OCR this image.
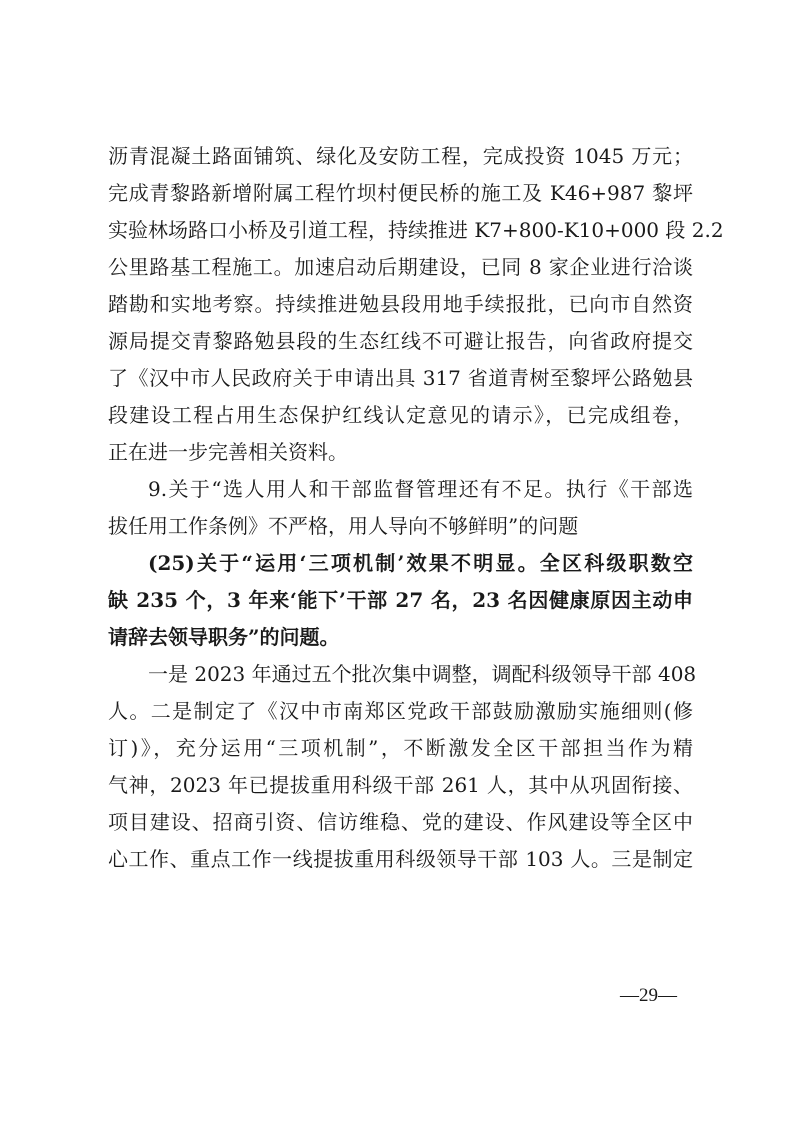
沥青混凝土路面铺筑、绿化及安防工程，完成投资 1045 万元；
完成青黎路新增附属工程竹坝村便民桥的施工及 K46+987 黎坪
实验林场路口小桥及引道工程，持续推进 K7+800-K10+000 段 2.2
公里路基工程施工。加速启动后期建设，已同 8 家企业进行洽谈
踏勘和实地考察。持续推进勉县段用地手续报批，已向市自然资
源局提交青黎路勉县段的生态红线不可避让报告，向省政府提交
了《汉中市人民政府关于申请出具 317 省道青树至黎坪公路勉县
段建设工程占用生态保护红线认定意见的请示》，已完成组卷，
正在进一步完善相关资料。
9.关于“选人用人和干部监督管理还有不足。执行《干部选
拔任用工作条例》不严格，用人导向不够鲜明”的问题
(25)关于“运用‘三项机制’效果不明显。全区科级职数空
缺 235 个，3 年来‘能下’干部 27 名，23 名因健康原因主动申
请辞去领导职务”的问题。
一是 2023 年通过五个批次集中调整，调配科级领导干部 408
人。二是制定了《汉中市南郑区党政干部鼓励激励实施细则(修
订)》，充分运用“三项机制”，不断激发全区干部担当作为精
气神，2023 年已提拔重用科级干部 261 人，其中从巩固衔接、
项目建设、招商引资、信访维稳、党的建设、作风建设等全区中
心工作、重点工作一线提拔重用科级领导干部 103 人。三是制定
—29—
